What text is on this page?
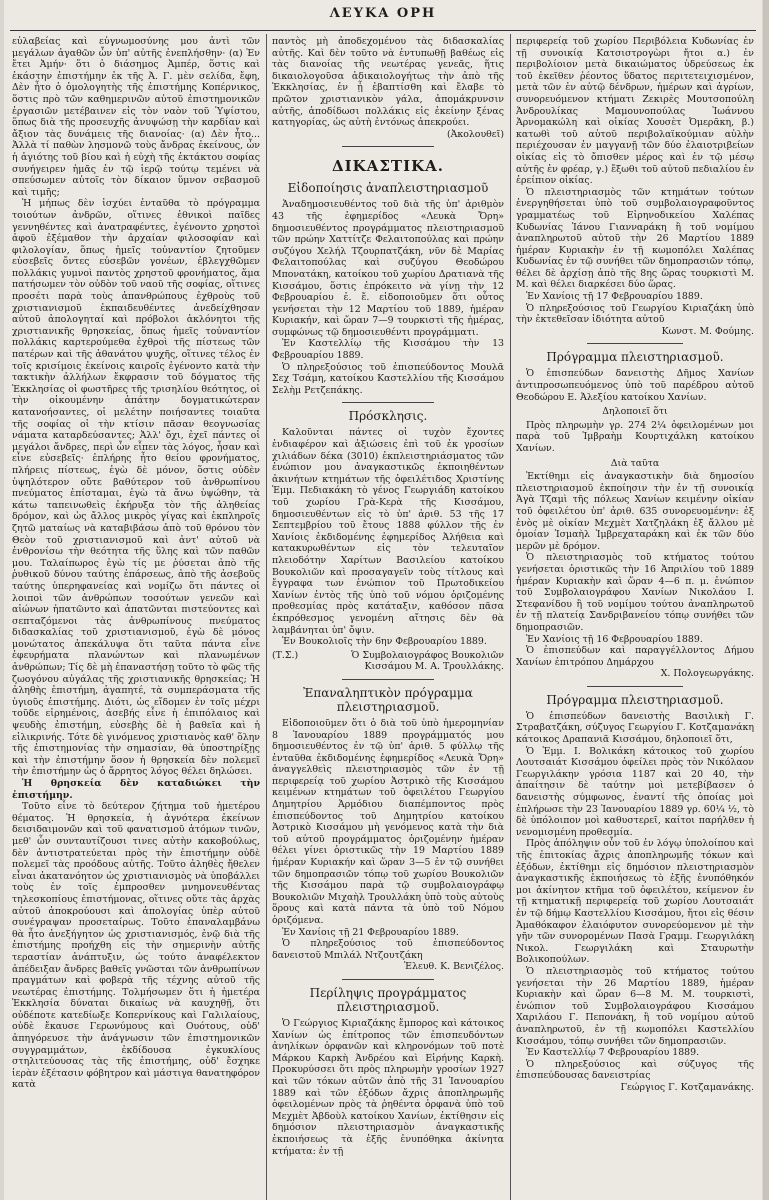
ΛΕΥΚΑ ΟΡΗ

εὐλαβείας καὶ εὐγνωμοσύνης μου ἀντὶ τῶν μεγάλων ἀγαθῶν ὧν ὑπ' αὐτῆς ἐνεπλήσθην· (α) Ἐν ἔτει Ἀμήν· ὅτι ὁ διάσημος Ἀμπέρ, ὅστις καὶ ἐκάστην ἐπιστήμην ἐκ τῆς Ἀ. Γ. μὲν σελίδα, ἔφη, Δὲν ἦτο ὁ ὁμολογητὴς τῆς ἐπιστήμης Κοπέρνικος, ὅστις πρὸ τῶν καθημερινῶν αὐτοῦ ἐπιστημονικῶν ἐργασιῶν μετέβαινεν εἰς τὸν ναὸν τοῦ Ὑψίστου, ὅπως διὰ τῆς προσευχῆς ἀνυψώσῃ τὴν καρδίαν καὶ ἄξιον τὰς δυνάμεις τῆς διανοίας· (α) Δὲν ἦτο... Ἀλλὰ τί παθὼν λησμονῶ τοὺς ἄνδρας ἐκείνους, ὧν ἡ ἁγιότης τοῦ βίου καὶ ἡ εὐχὴ τῆς ἐκτάκτου σοφίας συνήγειρεν ἡμᾶς ἐν τῷ ἱερῷ τούτῳ τεμένει νὰ σπεύσωμεν αὐτοῖς τὸν δίκαιον ὕμνον σεβασμοῦ καὶ τιμῆς;

Ἡ μήπως δὲν ἰσχύει ἐνταῦθα τὸ πρόγραμμα τοιούτων ἀνδρῶν, οἵτινες ἐθνικοὶ παῖδες γεννηθέντες καὶ ἀνατραφέντες, ἐγένοντο χρηστοὶ ἀφοῦ ἐξέμαθον τὴν ἀρχαίαν φιλοσοφίαν καὶ φιλολογίαν, ὅπως ἡμεῖς τοὐναντίον ζητοῦμεν εὐσεβεῖς ὄντες εὐσεβῶν γονέων, ἐβλεγχθῶμεν πολλάκις γυμνοὶ παντὸς χρηστοῦ φρονήματος, ἅμα πατήσωμεν τὸν οὐδὸν τοῦ ναοῦ τῆς σοφίας, οἵτινες προσέτι παρὰ τοὺς ἀπανθρώπους ἐχθροὺς τοῦ χριστιανισμοῦ ἐκπαιδευθέντες ἀνεδείχθησαν αὐτοῦ ἀπολογηταί καὶ πρόβολοι ἀκλόνητοι τῆς χριστιανικῆς θρησκείας, ὅπως ἡμεῖς τοὐναντίον πολλάκις καρτερούμεθα ἐχθροὶ τῆς πίστεως τῶν πατέρων καὶ τῆς ἀθανάτου ψυχῆς, οἵτινες τέλος ἐν τοῖς κρισίμοις ἐκείνοις καιροῖς ἐγένοντο κατὰ τὴν τακτικὴν ἀλλήλων ἔκφρασιν τοῦ δόγματος τῆς Ἐκκλησίας οἱ φωστῆρες τῆς τρισηλίου θεότητος, οἱ τὴν οἰκουμένην ἀπάτην δογματικώτεραν κατανοήσαντες, οἱ μελέτην ποιήσαντες τοιαῦτα τῆς σοφίας οἱ τὴν κτίσιν πᾶσαν θεογνωσίας νάματα καταρδεύσαντες; Ἀλλ' ὄχι, ἐχεῖ πάντες οἱ μεγάλοι ἄνδρες, περὶ ὧν εἶπεν τὰς λόγος, ἦσαν καὶ εἶνε εὐσεβεῖς· ἐπλήρης ἦτο θείου φρονήματος, πλήρεις πίστεως, ἐγὼ δὲ μόνον, ὅστις οὐδὲν ὑψηλότερον οὔτε βαθύτερον τοῦ ἀνθρωπίνου πνεύματος ἐπίσταμαι, ἐγὼ τὰ ἄνω ὑψώθην, τὰ κάτω ταπεινωθεὶς ἐκήρυξα τὸν τῆς ἀληθείας δρόμον, καὶ ὡς ἄλλος μικρὸς γίγας καὶ ἐκπληροῖς ζητῶ ματαίως νὰ καταβιβάσω ἀπὸ τοῦ θρόνου τὸν Θεὸν τοῦ χριστιανισμοῦ καὶ ἀντ' αὐτοῦ νὰ ἐνθρονίσω τὴν θεότητα τῆς ὕλης καὶ τῶν παθῶν μου. Ταλαίπωρος ἐγὼ τίς με ῥύσεται ἀπὸ τῆς ῥυθικοῦ δύνου ταύτης ἐπάρσεως, ἀπὸ τῆς ἀσεβοῦς ταύτης ὑπερηφανείας καὶ νομίζω ὅτι πάντες οἱ λοιποὶ τῶν ἀνθρώπων τοσούτων γενεῶν καὶ αἰώνων ἠπατῶντο καὶ ἀπατῶνται πιστεύοντες καὶ σεπταζόμενοι τὰς ἀνθρωπίνους πνεύματος διδασκαλίας τοῦ χριστιανισμοῦ, ἐγὼ δὲ μόνος μονώτατος ἀπεκάλυψα ὅτι ταῦτα πάντα εἶνε ἐφευρήματα πλανώντων καὶ πλανωμένων ἀνθρώπων; Τίς δὲ μὴ ἐπαναστήσῃ τοῦτο τὸ φῶς τῆς ζωογόνου αὐγάλας τῆς χριστιανικῆς θρησκείας; Ἡ ἀληθὴς ἐπιστήμη, ἀγαπητέ, τὰ συμπεράσματα τῆς ὑγιοῦς ἐπιστήμης. Διότι, ὡς εἴδομεν ἐν τοῖς μέχρι τοῦδε εἰρημένοις, ἀσεβής εἶνε ἡ ἐπιπόλαιος καὶ ψευδὴς ἐπιστήμη, εὐσεβὴς δὲ ἡ βαθεῖα καὶ ἡ εἰλικρινής. Τότε δὲ γινόμενος χριστιανὸς καθ' ὅλην τῆς ἐπιστημονίας τὴν σημασίαν, θὰ ὑποστηρίξῃς καὶ τὴν ἐπιστήμην ὅσον ἡ θρησκεία δὲν πολεμεῖ τὴν ἐπιστήμην ὡς ὁ ἄρρητος λόγος θέλει δηλώσει.

Ἡ θρησκεία δὲν καταδιώκει τὴν ἐπιστήμην.

Τοῦτο εἶνε τὸ δεύτερον ζήτημα τοῦ ἡμετέρου θέματος. Ἡ θρησκεία, ἡ ἀγνότερα ἐκείνων δεισιδαιμονῶν καὶ τοῦ φανατισμοῦ ἀτόμων τινῶν, μεθ' ὧν συνταυτίζουσι τινες αὐτὴν κακοβούλως, δὲν ἀντιστρατεύεται πρὸς τὴν ἐπιστήμην οὐδὲ πολεμεῖ τὰς προόδους αὐτῆς. Τοῦτο ἀληθὲς ἤθελεν εἶναι ἀκατανόητον ὡς χριστιανισμὸς νὰ ὑποβάλλει τοὺς ἐν τοῖς ἐμπροσθεν μνημονευθέντας τηλεσκοπίους ἐπιστήμονας, οἵτινες οὔτε τὰς ἀρχὰς αὐτοῦ ἀποκρούουσι καὶ ἀπολογίας ὑπὲρ αὐτοῦ συνέγραψαν προσεταίρως. Τοῦτο ἐπαναλαμβάνω θὰ ἦτο ἀνεξήγητον ὡς χριστιανισμός, ἐνῷ διὰ τῆς ἐπιστήμης προήχθη εἰς τὴν σημερινὴν αὐτῆς τεραστίαν ἀνάπτυξιν, ὡς τούτο ἀναφέλεκτον ἀπέδειξαν ἄνδρες βαθεῖς γνῶσται τῶν ἀνθρωπίνων πραγμάτων καὶ φοβερὰ τῆς τέχνης αὐτοῦ τῆς νεωτέρας ἐπιστήμης. Τολμήσωμεν ὅτι ἡ ἡμετέρα Ἐκκλησία δύναται δικαίως νὰ καυχηθῇ, ὅτι οὐδέποτε κατεδίωξε Κοπερνίκους καὶ Γαλιλαίους, οὐδὲ ἔκαυσε Γερωνύμους καὶ Ουότους, οὐδ' ἀπηγόρευσε τὴν ἀνάγνωσιν τῶν ἐπιστημονικῶν συγγραμμάτων, ἐκδίδουσα ἐγκυκλίους στηλιτεύουσας τὰς τῆς ἐπιστήμης, οὐδ' ἔσχηκε ἱερὰν ἐξέτασιν φόβητρον καὶ μάστιγα θανατηφόρον κατὰ

παντὸς μὴ ἀποδεχομένου τὰς διδασκαλίας αὐτῆς. Καὶ δὲν τοῦτο νὰ ἐντυπωθῇ βαθέως εἰς τὰς διανοίας τῆς νεωτέρας γενεᾶς, ἥτις δικαιολογοῦσα ἀδικαιολογήτως τὴν ἀπὸ τῆς Ἐκκλησίας, ἐν ᾗ ἐβαπτίσθη καὶ ἔλαβε τὸ πρῶτον χριστιανικὸν γάλα, ἀπομάκρυνσιν αὐτῆς, ἀποδίδωσι πολλάκις εἰς ἐκείνην ξένας κατηγορίας, ὡς αὐτὴ ἐντόνως ἀπεκρούει.

(Ἀκολουθεῖ)

ΔΙΚΑΣΤΙΚΑ.
Εἰδοποίησις ἀναπλειστηριασμοῦ

Ἀναδημοσιευθέντος τοῦ διὰ τῆς ὑπ' ἀριθμὸν 43 τῆς ἐφημερίδος «Λευκὰ Ὄρη» δημοσιευθέντος προγράμματος πλειστηριασμοῦ τῶν πρώην Χαττίτζε Φελαιτοπούλας καὶ πρώην συζύγου Χελήλ Τζουρπατζάκη, νῦν δὲ Μαρίας Φελαιτοπούλας καὶ συζύγου Θεοδώρου Μπονατάκη, κατοίκου τοῦ χωρίου Δρατιανὰ τῆς Κισσάμου, ὅστις ἐπρόκειτο νὰ γίνῃ τὴν 12 Φεβρουαρίου ἐ. ἔ. εἰδοποιοῦμεν ὅτι οὗτος γενήσεται τὴν 12 Μαρτίου τοῦ 1889, ἡμέραν Κυριακήν, καὶ ὥραν 7—9 τουρκιστὶ τῆς ἡμέρας, συμφώνως τῷ δημοσιευθέντι προγράμματι.

Ἐν Καστελλίῳ τῆς Κισσάμου τὴν 13 Φεβρουαρίου 1889.

Ὁ πληρεξούσιος τοῦ ἐπισπεύδοντος Μουλᾶ Σεχ Τσάμη, κατοίκου Καστελλίου τῆς Κισσάμου Σελὴμ Ρετζεπάκης.

Πρόσκλησις.

Καλοῦνται πάντες οἱ τυχὸν ἔχοντες ἐνδιαφέρον καὶ ἀξιώσεις ἐπὶ τοῦ ἐκ γροσίων χιλιάδων δέκα (3010) ἐκπλειστηριάσματος τῶν ἐνώπιον μου ἀναγκαστικῶς ἐκποιηθέντων ἀκινήτων κτημάτων τῆς ὀφειλέτιδος Χριστίνης Ἐμμ. Πεδιακάκη τὸ γένος Γεωργιάδη κατοίκου τοῦ χωρίου Γρὰ-Κερὰ τῆς Κισσάμου, δημοσιευθέντων εἰς τὸ ὑπ' ἀριθ. 53 τῆς 17 Σεπτεμβρίου τοῦ ἔτους 1888 φύλλον τῆς ἐν Χανίοις ἐκδιδομένης ἐφημερίδος Ἀλήθεια καὶ κατακυρωθέντων εἰς τὸν τελευταῖον πλειοδότην Χαρίτων Βασιλείου κατοίκου Βουκολιῶν καὶ προσαγαγεῖν τοὺς τίτλους καὶ ἔγγραφα των ἐνώπιον τοῦ Πρωτοδικείου Χανίων ἐντὸς τῆς ὑπὸ τοῦ νόμου ὁριζομένης προθεσμίας πρὸς κατάταξιν, καθόσον πᾶσα ἐκπρόθεσμος γενομένη αἴτησις δὲν θὰ λαμβάνηται ὑπ' ὄψιν.

Ἐν Βουκολιοῖς τὴν 6ην Φεβρουαρίου 1889.

(Τ.Σ.)	Ὁ Συμβολαιογράφος Βουκολιῶν Κισσάμου Μ. Α. Τρουλλάκης.
Ἐπαναληπτικὸν πρόγραμμα πλειστηριασμοῦ.

Εἰδοποιοῦμεν ὅτι ὁ διὰ τοῦ ὑπὸ ἡμερομηνίαν 8 Ἰανουαρίου 1889 προγράμματός μου δημοσιευθέντος ἐν τῷ ὑπ' ἀριθ. 5 φύλλῳ τῆς ἐνταῦθα ἐκδιδομένης ἐφημερίδος «Λευκὰ Ὄρη» ἀναγγελθεὶς πλειστηριασμὸς τῶν ἐν τῇ περιφερείᾳ τοῦ χωρίου Ἀστρικὸ τῆς Κισσάμου κειμένων κτημάτων τοῦ ὀφειλέτου Γεωργίου Δημητρίου Ἀρμόδιου διαπέμποντος πρὸς ἐπισπεύδοντος τοῦ Δημητρίου κατοίκου Ἀστρικὸ Κισσάμου μὴ γενόμενος κατὰ τὴν διὰ τοῦ αὐτοῦ προγράμματος ὁριζομένην ἡμέραν θέλει γίνει ὁριστικῶς τὴν 19 Μαρτίου 1889 ἡμέραν Κυριακήν καὶ ὥραν 3—5 ἐν τῷ συνήθει τῶν δημοπρασιῶν τόπῳ τοῦ χωρίου Βουκολιῶν τῆς Κισσάμου παρὰ τῷ συμβολαιογράφῳ Βουκολιῶν Μιχαὴλ Τρουλλάκη ὑπὸ τοὺς αὐτοὺς ὅρους καὶ κατὰ πάντα τὰ ὑπὸ τοῦ Νόμου ὁριζόμενα.

Ἐν Χανίοις τῇ 21 Φεβρουαρίου 1889.

Ὁ πληρεξούσιος τοῦ ἐπισπεύδοντος δανειστοῦ Μπιλάλ Ντζουτζάκη

Ἐλευθ. Κ. Βενιζέλος.

Περίληψις προγράμματος πλειστηριασμοῦ.

Ὁ Γεώργιος Κιριαζάκης ἔμπορος καὶ κάτοικος Χανίων ὡς ἐπίτροπος τῶν ἐπισπευδόντων ἀνηλίκων ὀρφανῶν καὶ κληρονόμων τοῦ ποτὲ Μάρκου Καρκὴ Ἀνδρέου καὶ Εἰρήνης Καρκὴ. Προκυρύσσει ὅτι πρὸς πληρωμὴν γροσίων 1927 καὶ τῶν τόκων αὐτῶν ἀπὸ τῆς 31 Ἰανουαρίου 1889 καὶ τῶν ἐξόδων ἄχρις ἀποπληρωμῆς ὀφειλομένων πρὸς τὰ ῥηθέντα ὀρφανὰ ὑπὸ τοῦ Μεχμὲτ Ἀβδοὺλ κατοίκου Χανίων, ἐκτίθησιν εἰς δημόσιον πλειστηριασμὸν ἀναγκαστικῆς ἐκποιήσεως τὰ ἑξῆς ἐνυπόθηκα ἀκίνητα κτήματα: ἐν τῇ

περιφερείᾳ τοῦ χωρίου Περιβόλεια Κυδωνίας ἐν τῇ συνοικίᾳ Κατσιστρογὼρι ἤτοι α.) ἐν περιβολίοιον μετὰ δικαιώματος ὑδρεύσεως ἐκ τοῦ ἐκεῖθεν ῥέοντος ὕδατος περιτετειχισμένον, μετὰ τῶν ἐν αὐτῷ δένδρων, ἡμέρων καὶ ἀγρίων, συνορευόμενον κτήματι Ζεκιρὲς Μουτσοπούλη Ἀνδρουλίκας Μαμουνοπούλας Ἰωάννου Ἀρνομακώλη καὶ οἰκίας Χουσὲτ Ὀμερᾶκη, β.) κατωθὶ τοῦ αὐτοῦ περιβολαϊκούμιαν αὐλὴν περιέχουσαν ἐν μαγγανῇ τῶν δύο ἐλαιοτριβείων οἰκίας εἰς τὸ ὄπισθεν μέρος καὶ ἐν τῷ μέσῳ αὐτῆς ἐν φρέαρ, γ.) ἔξωθι τοῦ αὐτοῦ πεδιαλίου ἐν ἐρείπιον οἰκίας.

Ὁ πλειστηριασμὸς τῶν κτημάτων τούτων ἐνεργηθήσεται ὑπὸ τοῦ συμβολαιογραφοῦντος γραμματέως τοῦ Εἰρηνοδικείου Χαλέπας Κυδωνίας Ἰάνου Γιανναράκη ἢ τοῦ νομίμου ἀναπληρωτοῦ αὐτοῦ τὴν 26 Μαρτίου 1889 ἡμέραν Κυριακὴν ἐν τῇ κωμοπόλει Χαλέπας Κυδωνίας ἐν τῷ συνήθει τῶν δημοπρασιῶν τόπῳ, θέλει δὲ ἀρχίσῃ ἀπὸ τῆς 8ης ὥρας τουρκιστὶ Μ. Μ. καὶ θέλει διαρκέσει δύο ὥρας.

Ἐν Χανίοις τῇ 17 Φεβρουαρίου 1889.

Ὁ πληρεξούσιος τοῦ Γεωργίου Κιριαζάκη ὑπὸ τὴν ἐκτεθεῖσαν ἰδιότητα αὐτοῦ

Κωνστ. Μ. Φούμης.

Πρόγραμμα πλειστηριασμοῦ.

Ὁ ἐπισπεύδων δανειστὴς Δῆμος Χανίων ἀντιπροσωπευόμενος ὑπὸ τοῦ παρέδρου αὐτοῦ Θεοδώρου Ε. Ἀλεξίου κατοίκου Χανίων.

Δηλοποιεῖ ὅτι

Πρὸς πληρωμὴν γρ. 274 2¼ ὀφειλομένων μοι παρὰ τοῦ Ἰμβραὴμ Κουρτιχάλκη κατοίκου Χανίων.

Διὰ ταῦτα

Ἐκτίθημι εἰς ἀναγκαστικὴν διὰ δημοσίου πλειστηριασμοῦ ἐκποίησιν τὴν ἐν τῇ συνοικίᾳ Ἀγὰ Τζαμὶ τῆς πόλεως Χανίων κειμένην οἰκίαν τοῦ ὀφειλέτου ὑπ' ἀριθ. 635 συνορευομένην: ἐξ ἑνὸς μὲ οἰκίαν Μεχμὲτ Χατζηλάκη ἐξ ἄλλου μὲ ὁμοίαν Ἰσμαὴλ Ἰμβρεχαταράκη καὶ ἐκ τῶν δύο μερῶν μὲ δρόμον.

Ὁ πλειστηριασμὸς τοῦ κτήματος τούτου γενήσεται ὁριστικῶς τὴν 16 Ἀπριλίου τοῦ 1889 ἡμέραν Κυριακὴν καὶ ὥραν 4—6 π. μ. ἐνώπιον τοῦ Συμβολαιογράφου Χανίων Νικολάου Ι. Στεφανίδου ἢ τοῦ νομίμου τούτου ἀναπληρωτοῦ ἐν τῇ πλατείᾳ Σανδριβανείου τόπῳ συνήθει τῶν δημοπρασιῶν.

Ἐν Χανίοις τῇ 16 Φεβρουαρίου 1889.

Ὁ ἐπισπεύδων καὶ παραγγέλλοντος Δήμου Χανίων ἐπιτρόπου Δημάρχου

Χ. Πολογεωργάκης.

Πρόγραμμα πλειστηριασμοῦ.

Ὁ ἐπισπεύδων δανειστὴς Βασιλικὴ Γ. Στραβατζάκη, σύζυγος Γεωργίου Γ. Κοτζαμανάκη κάτοικος Δραπανιᾶ Κισσάμου, δηλοποιεῖ ὅτι,

Ὁ Ἐμμ. Ι. Βολικάκη κάτοικος τοῦ χωρίου Λουτσαιάτ Κισσάμου ὀφείλει πρὸς τὸν Νικόλαον Γεωργιλάκην γρόσια 1187 καὶ 20 40, τὴν ἀπαίτησιν δὲ ταύτην μοὶ μετεβίβασεν ὁ δανειστὴς σύμφωνος, ἐναντί τῆς ὁποίας μοὶ ἐπλήρωσε τὴν 23 Ἰανουαρίου 1889 γρ. 60¼ ½, τὸ δὲ ὑπόλοιπον μοὶ καθυστερεῖ, καίτοι παρήλθεν ἡ νενομισμένη προθεσμία.

Πρὸς ἀπόληψιν οὖν τοῦ ἐν λόγῳ ὑπολοίπου καὶ τῆς ἐπιτοκίας ἄχρις ἀποπληρωμῆς τόκων καὶ ἐξόδων, ἐκτίθημι εἰς δημόσιον πλειστηριασμὸν ἀναγκαστικῆς ἐκποιήσεως τὸ ἑξῆς ἐνυπόθηκόν μοι ἀκίνητον κτῆμα τοῦ ὀφειλέτου, κείμενον ἐν τῇ κτηματικῇ περιφερείᾳ τοῦ χωρίου Λουτσαιάτ ἐν τῷ δήμῳ Καστελλίου Κισσάμου, ἤτοι εἰς θέσιν Ἀμαθόκαφον ἐλαιόφυτον συνορεύομενον μὲ τὴν γῆν τῶν συνορομένων Πασὰ Γραμμ. Γεωργιλάκη Νικολ. Γεωργιλάκη καὶ Σταυρωτὴν Βολικοπούλων.

Ὁ πλειστηριασμὸς τοῦ κτήματος τούτου γενήσεται τὴν 26 Μαρτίου 1889, ἡμέραν Κυριακὴν καὶ ὥραν 6—8 Μ. Μ. τουρκιστὶ, ἐνώπιον τοῦ Συμβολαιογράφου Κισσάμου Χαριλάου Γ. Πεπονάκη, ἢ τοῦ νομίμου αὐτοῦ ἀναπληρωτοῦ, ἐν τῇ κωμοπόλει Καστελλίου Κισσάμου, τόπῳ συνήθει τῶν δημοπρασιῶν.

Ἐν Καστελλίῳ 7 Φεβρουαρίου 1889.

Ὁ πληρεξούσιος καὶ σύζυγος τῆς ἐπισπεύδουσας δανειστρίας

Γεώργιος Γ. Κοτζαμανάκης.
